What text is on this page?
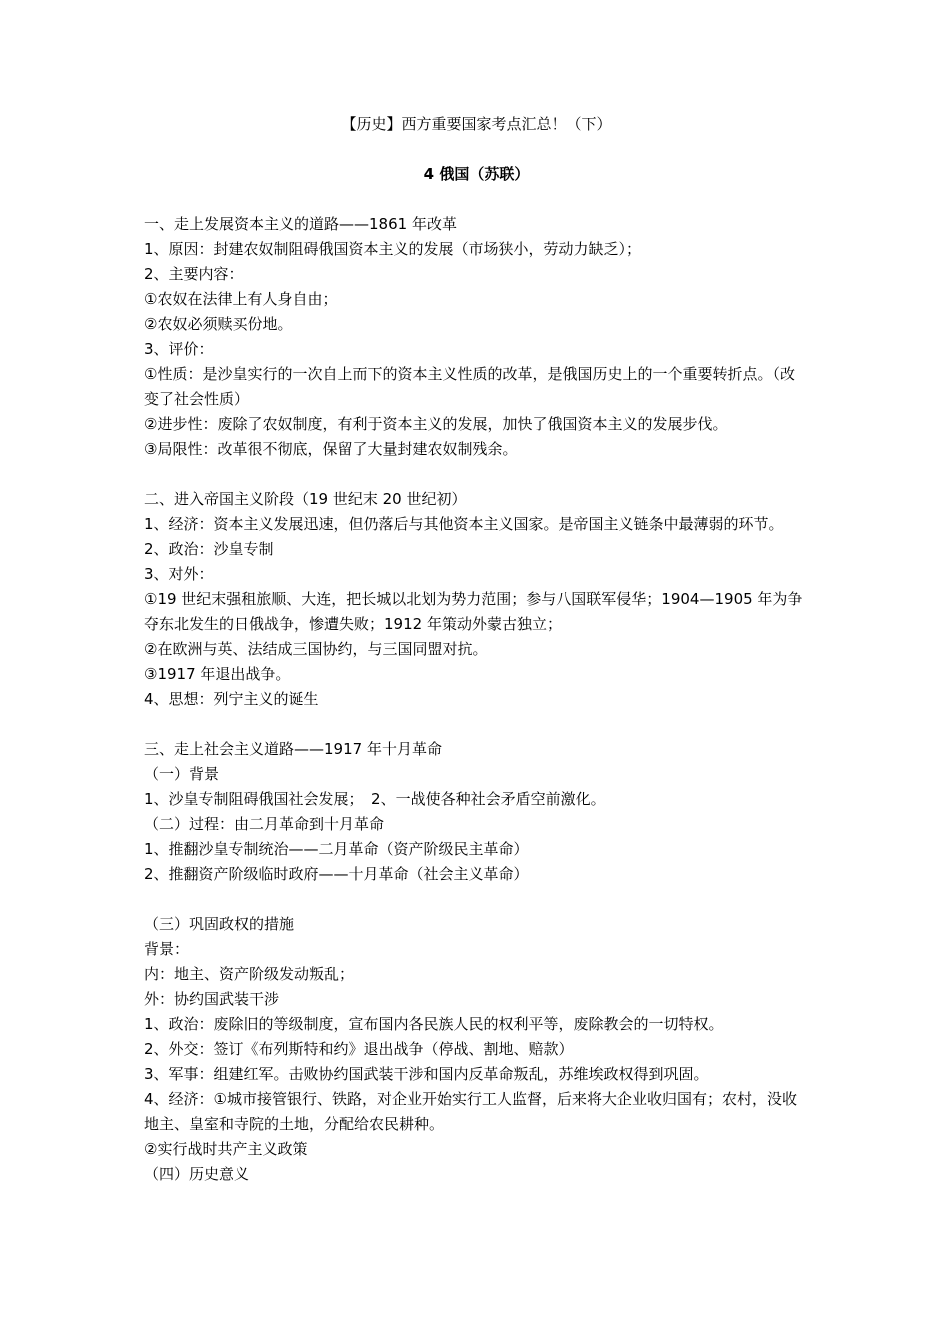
【历史】西方重要国家考点汇总！（下）
4 俄国（苏联）
一、走上发展资本主义的道路——1861 年改革
1、原因：封建农奴制阻碍俄国资本主义的发展（市场狭小，劳动力缺乏）；
2、主要内容：
①农奴在法律上有人身自由；
②农奴必须赎买份地。
3、评价：
①性质：是沙皇实行的一次自上而下的资本主义性质的改革，是俄国历史上的一个重要转折点。（改变了社会性质）
②进步性：废除了农奴制度，有利于资本主义的发展，加快了俄国资本主义的发展步伐。
③局限性：改革很不彻底，保留了大量封建农奴制残余。
二、进入帝国主义阶段（19 世纪末 20 世纪初）
1、经济：资本主义发展迅速，但仍落后与其他资本主义国家。是帝国主义链条中最薄弱的环节。
2、政治：沙皇专制
3、对外：
①19 世纪末强租旅顺、大连，把长城以北划为势力范围；参与八国联军侵华；1904—1905 年为争夺东北发生的日俄战争，惨遭失败；1912 年策动外蒙古独立；
②在欧洲与英、法结成三国协约，与三国同盟对抗。
③1917 年退出战争。
4、思想：列宁主义的诞生
三、走上社会主义道路——1917 年十月革命
（一）背景
1、沙皇专制阻碍俄国社会发展；　2、一战使各种社会矛盾空前激化。
（二）过程：由二月革命到十月革命
1、推翻沙皇专制统治——二月革命（资产阶级民主革命）
2、推翻资产阶级临时政府——十月革命（社会主义革命）
（三）巩固政权的措施
背景：
内：地主、资产阶级发动叛乱；
外：协约国武装干涉
1、政治：废除旧的等级制度，宣布国内各民族人民的权利平等，废除教会的一切特权。
2、外交：签订《布列斯特和约》退出战争（停战、割地、赔款）
3、军事：组建红军。击败协约国武装干涉和国内反革命叛乱，苏维埃政权得到巩固。
4、经济：①城市接管银行、铁路，对企业开始实行工人监督，后来将大企业收归国有；农村，没收地主、皇室和寺院的土地，分配给农民耕种。
②实行战时共产主义政策
（四）历史意义
